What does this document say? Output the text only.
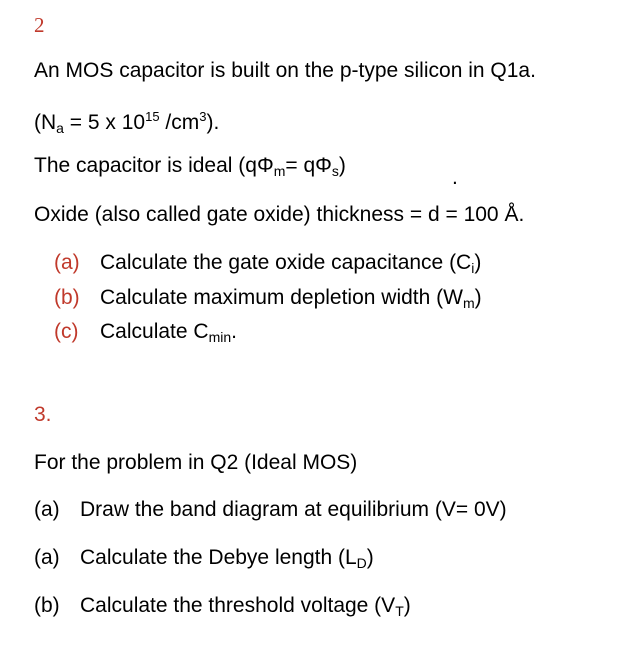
2
An MOS capacitor is built on the p-type silicon in Q1a.
($N_a = 5$ x $10^{15}$ $/cm^3$).
The capacitor is ideal $(q\Phi_m= q\Phi_s)$
.
Oxide (also called gate oxide) thickness = d = 100 Å.
(a) Calculate the gate oxide capacitance $(C_i)$
(b) Calculate maximum depletion width $(W_m)$
(c) Calculate $C_{min}$.
3.
For the problem in Q2 (Ideal MOS)
(a) Draw the band diagram at equilibrium (V= 0V)
(a) Calculate the Debye length $(L_D)$
(b) Calculate the threshold voltage $(V_T)$
